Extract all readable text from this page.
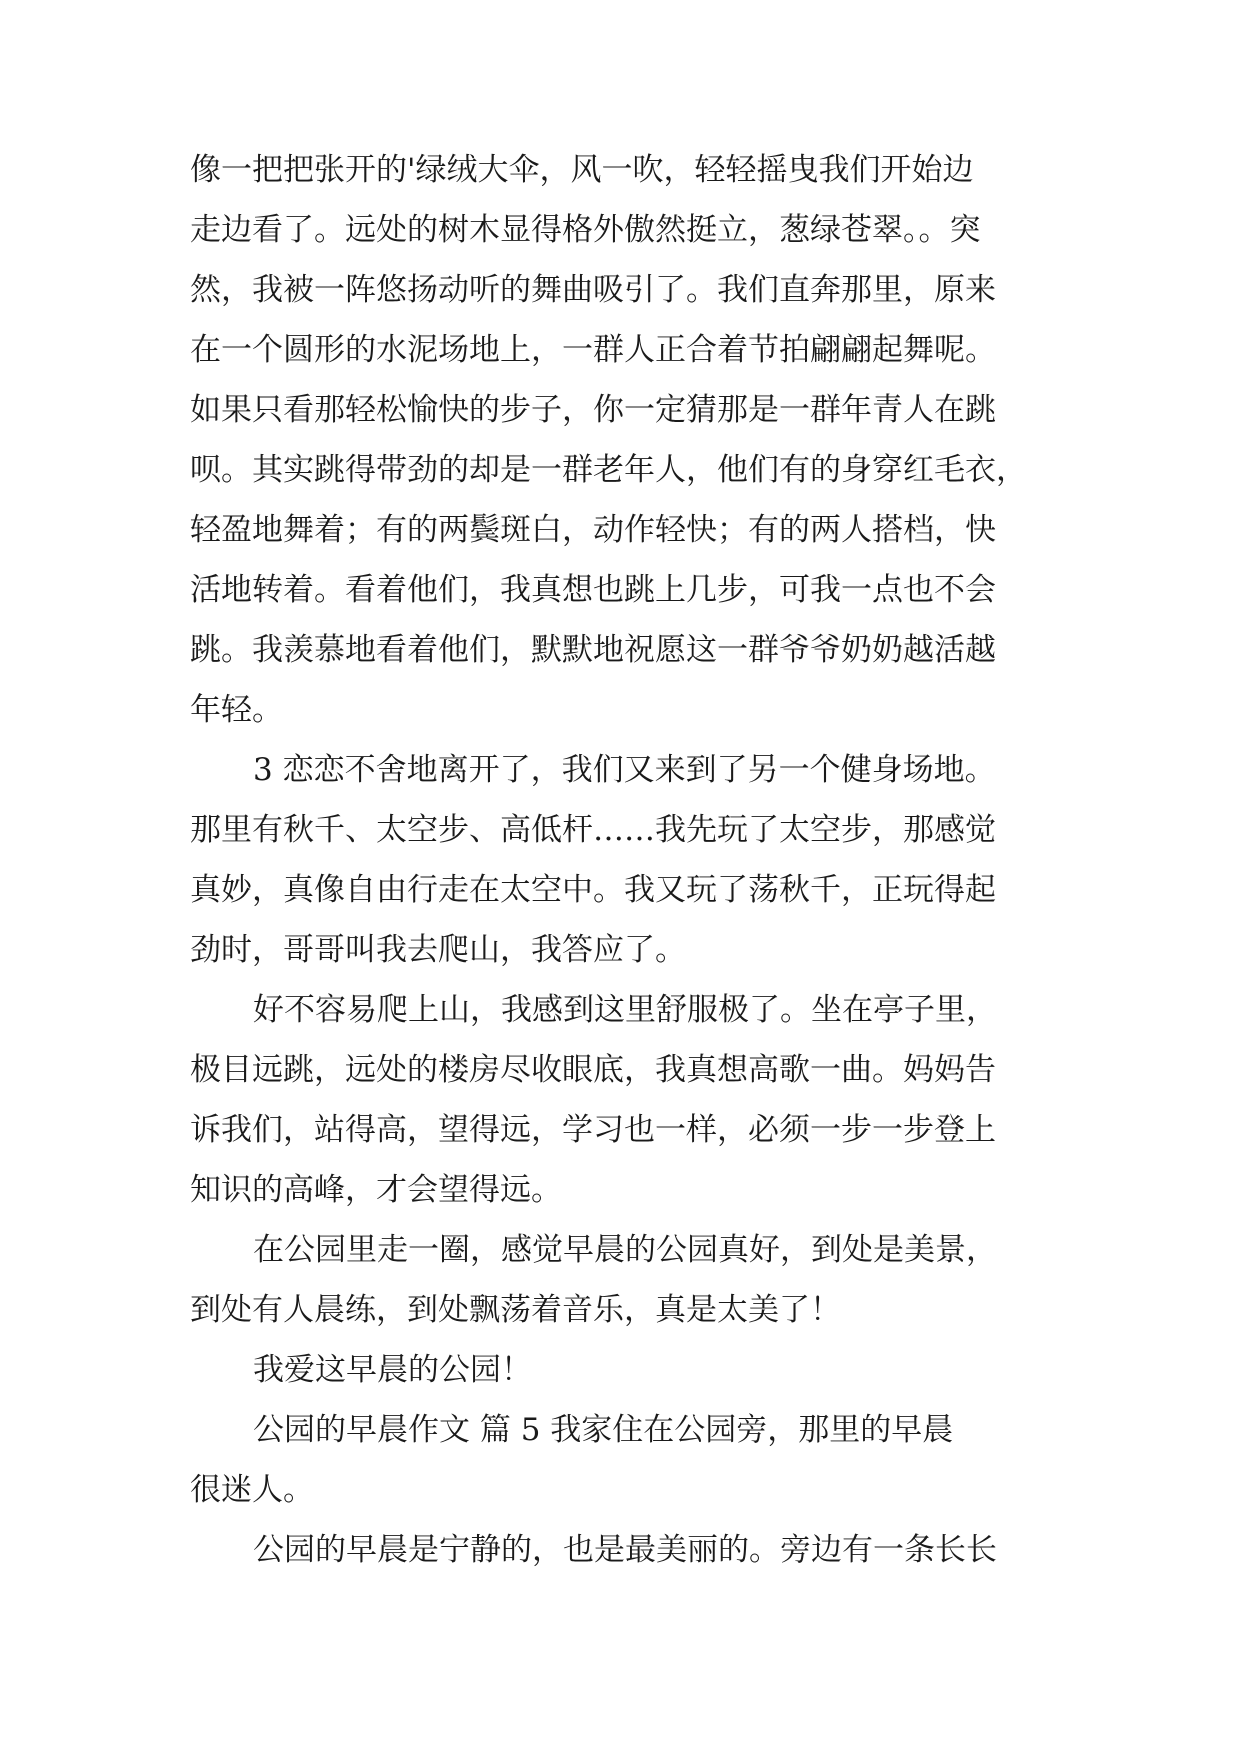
像一把把张开的'绿绒大伞，风一吹，轻轻摇曳我们开始边

走边看了。远处的树木显得格外傲然挺立，葱绿苍翠。。突

然，我被一阵悠扬动听的舞曲吸引了。我们直奔那里，原来

在一个圆形的水泥场地上，一群人正合着节拍翩翩起舞呢。

如果只看那轻松愉快的步子，你一定猜那是一群年青人在跳

呗。其实跳得带劲的却是一群老年人，他们有的身穿红毛衣，

轻盈地舞着；有的两鬓斑白，动作轻快；有的两人搭档，快

活地转着。看着他们，我真想也跳上几步，可我一点也不会

跳。我羡慕地看着他们，默默地祝愿这一群爷爷奶奶越活越

年轻。

3 恋恋不舍地离开了，我们又来到了另一个健身场地。

那里有秋千、太空步、高低杆……我先玩了太空步，那感觉

真妙，真像自由行走在太空中。我又玩了荡秋千，正玩得起

劲时，哥哥叫我去爬山，我答应了。

好不容易爬上山，我感到这里舒服极了。坐在亭子里，

极目远跳，远处的楼房尽收眼底，我真想高歌一曲。妈妈告

诉我们，站得高，望得远，学习也一样，必须一步一步登上

知识的高峰，才会望得远。

在公园里走一圈，感觉早晨的公园真好，到处是美景，

到处有人晨练，到处飘荡着音乐，真是太美了！

我爱这早晨的公园！

公园的早晨作文 篇 5 我家住在公园旁，那里的早晨

很迷人。

公园的早晨是宁静的，也是最美丽的。旁边有一条长长
